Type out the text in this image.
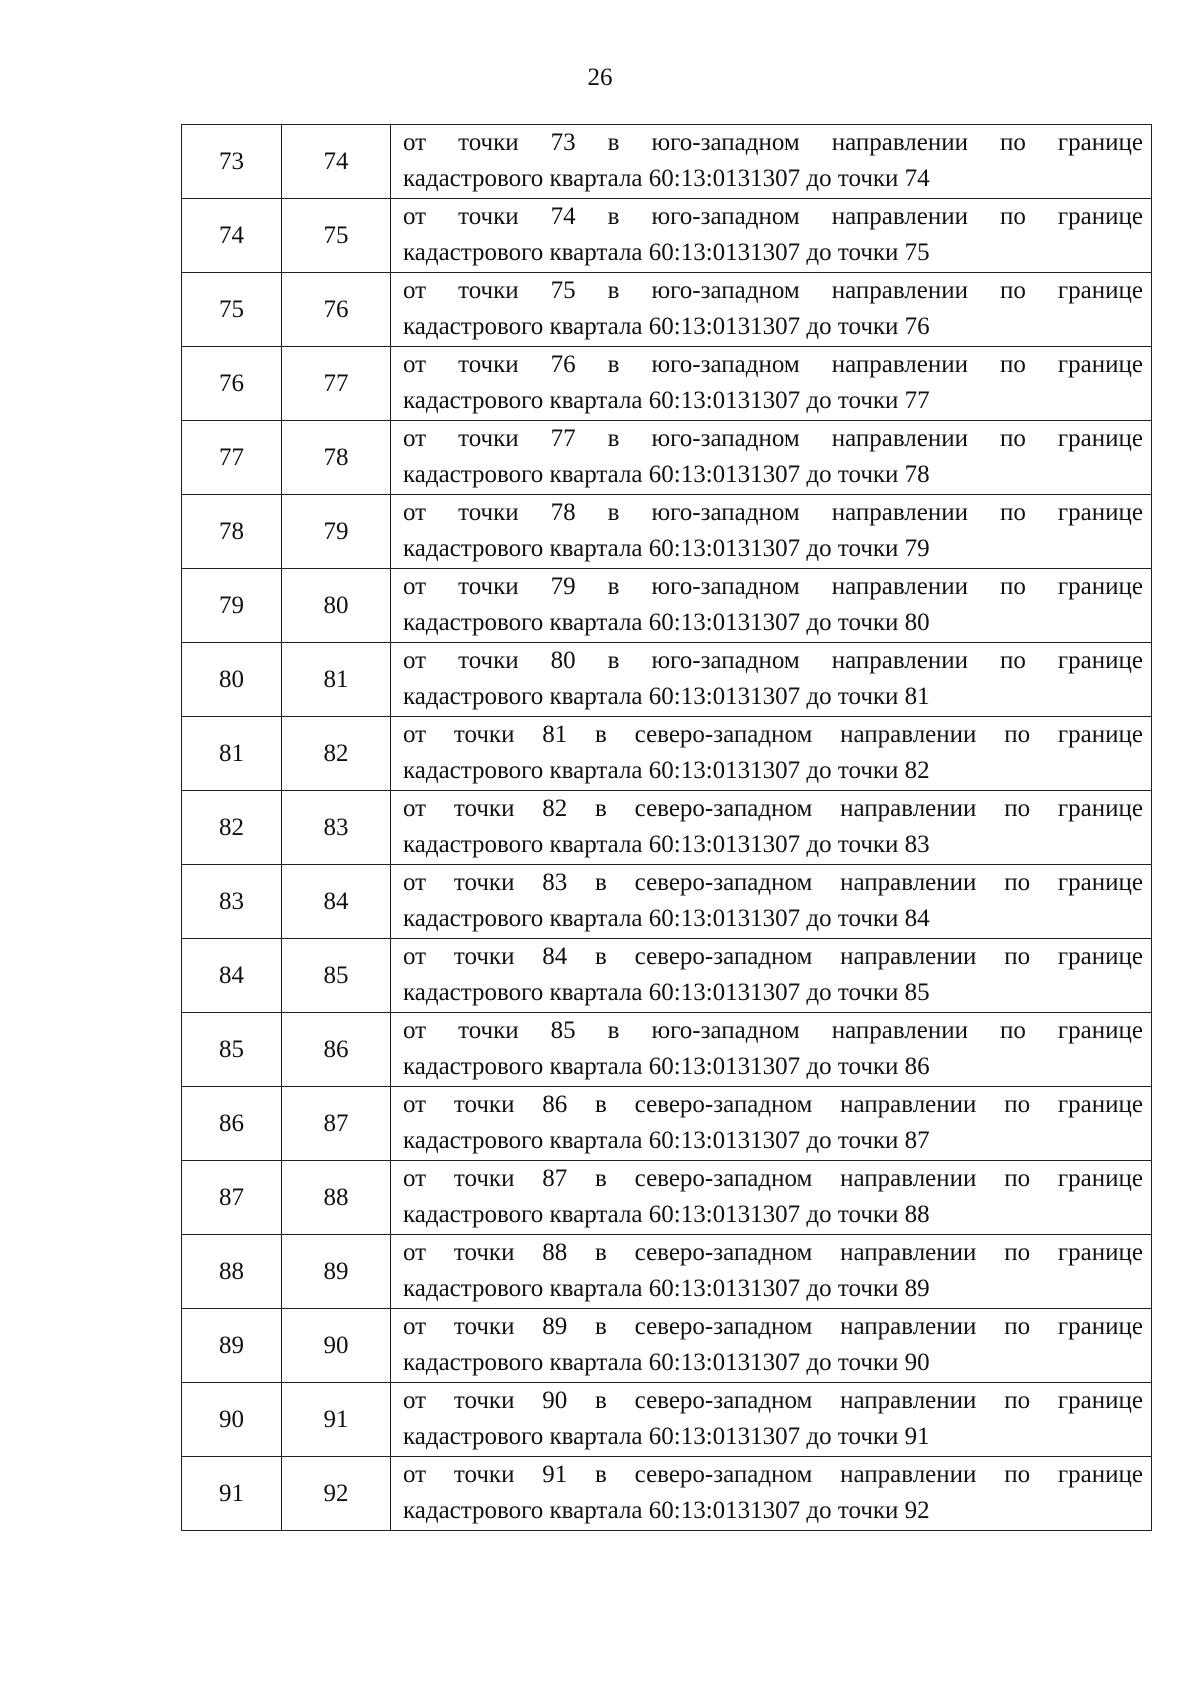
26
73	74	от точки 73 в юго-западном направлении по границе
кадастрового квартала 60:13:0131307 до точки 74

74	75	от точки 74 в юго-западном направлении по границе
кадастрового квартала 60:13:0131307 до точки 75

75	76	от точки 75 в юго-западном направлении по границе
кадастрового квартала 60:13:0131307 до точки 76

76	77	от точки 76 в юго-западном направлении по границе
кадастрового квартала 60:13:0131307 до точки 77

77	78	от точки 77 в юго-западном направлении по границе
кадастрового квартала 60:13:0131307 до точки 78

78	79	от точки 78 в юго-западном направлении по границе
кадастрового квартала 60:13:0131307 до точки 79

79	80	от точки 79 в юго-западном направлении по границе
кадастрового квартала 60:13:0131307 до точки 80

80	81	от точки 80 в юго-западном направлении по границе
кадастрового квартала 60:13:0131307 до точки 81

81	82	от точки 81 в северо-западном направлении по границе
кадастрового квартала 60:13:0131307 до точки 82

82	83	от точки 82 в северо-западном направлении по границе
кадастрового квартала 60:13:0131307 до точки 83

83	84	от точки 83 в северо-западном направлении по границе
кадастрового квартала 60:13:0131307 до точки 84

84	85	от точки 84 в северо-западном направлении по границе
кадастрового квартала 60:13:0131307 до точки 85

85	86	от точки 85 в юго-западном направлении по границе
кадастрового квартала 60:13:0131307 до точки 86

86	87	от точки 86 в северо-западном направлении по границе
кадастрового квартала 60:13:0131307 до точки 87

87	88	от точки 87 в северо-западном направлении по границе
кадастрового квартала 60:13:0131307 до точки 88

88	89	от точки 88 в северо-западном направлении по границе
кадастрового квартала 60:13:0131307 до точки 89

89	90	от точки 89 в северо-западном направлении по границе
кадастрового квартала 60:13:0131307 до точки 90

90	91	от точки 90 в северо-западном направлении по границе
кадастрового квартала 60:13:0131307 до точки 91

91	92	от точки 91 в северо-западном направлении по границе
кадастрового квартала 60:13:0131307 до точки 92
